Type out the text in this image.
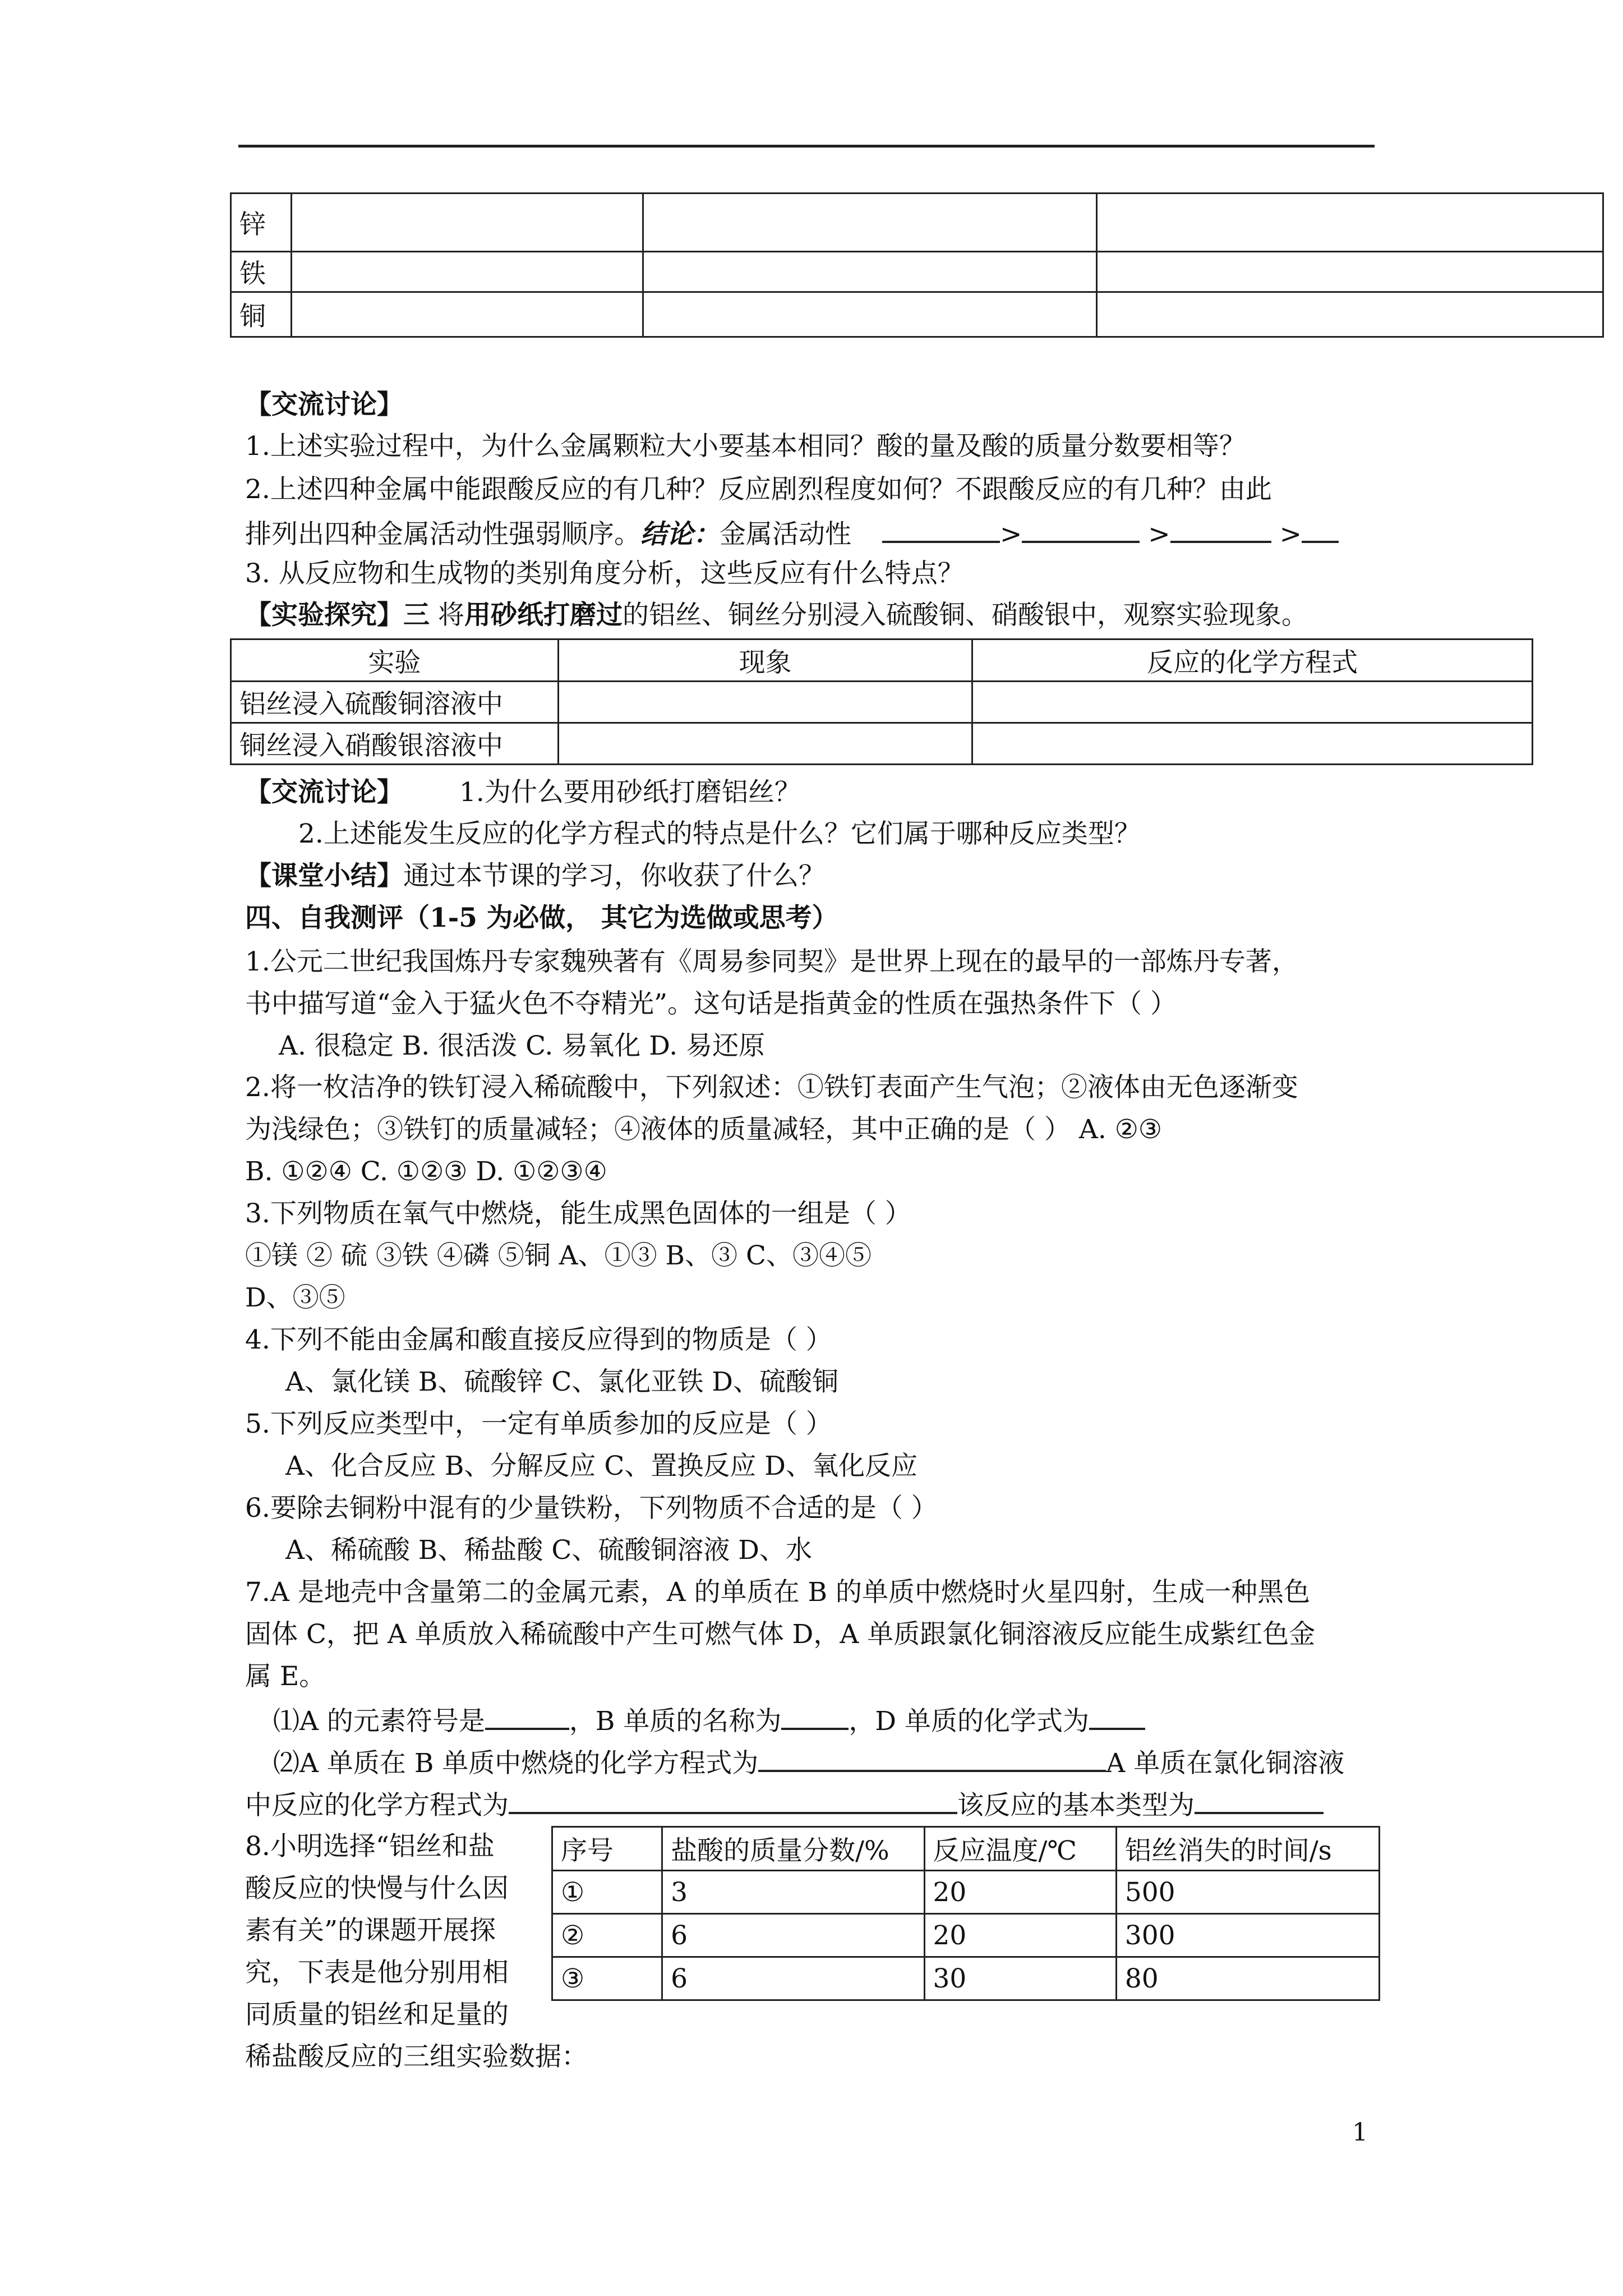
锌			
铁			
铜			
【交流讨论】
1.上述实验过程中，为什么金属颗粒大小要基本相同？酸的量及酸的质量分数要相等？
2.上述四种金属中能跟酸反应的有几种？反应剧烈程度如何？不跟酸反应的有几种？由此
排列出四种金属活动性强弱顺序。结论：金属活动性	>	>	>
3. 从反应物和生成物的类别角度分析，这些反应有什么特点？
【实验探究】三 将用砂纸打磨过的铝丝、铜丝分别浸入硫酸铜、硝酸银中，观察实验现象。
实验	现象	反应的化学方程式
铝丝浸入硫酸铜溶液中		
铜丝浸入硝酸银溶液中		
【交流讨论】 1.为什么要用砂纸打磨铝丝？
2.上述能发生反应的化学方程式的特点是什么？它们属于哪种反应类型？
【课堂小结】通过本节课的学习，你收获了什么？
四、自我测评（1-5 为必做， 其它为选做或思考）
1.公元二世纪我国炼丹专家魏殃著有《周易参同契》是世界上现在的最早的一部炼丹专著，
书中描写道“金入于猛火色不夺精光”。这句话是指黄金的性质在强热条件下（ ）
A. 很稳定 B. 很活泼 C. 易氧化 D. 易还原
2.将一枚洁净的铁钉浸入稀硫酸中，下列叙述：①铁钉表面产生气泡；②液体由无色逐渐变
为浅绿色；③铁钉的质量减轻；④液体的质量减轻，其中正确的是（ ） A. ②③
B. ①②④ C. ①②③ D. ①②③④
3.下列物质在氧气中燃烧，能生成黑色固体的一组是（ ）
①镁 ② 硫 ③铁 ④磷 ⑤铜 A、①③ B、③ C、③④⑤
D、③⑤
4.下列不能由金属和酸直接反应得到的物质是（ ）
A、氯化镁 B、硫酸锌 C、氯化亚铁 D、硫酸铜
5.下列反应类型中，一定有单质参加的反应是（ ）
A、化合反应 B、分解反应 C、置换反应 D、氧化反应
6.要除去铜粉中混有的少量铁粉，下列物质不合适的是（ ）
A、稀硫酸 B、稀盐酸 C、硫酸铜溶液 D、水
7.A 是地壳中含量第二的金属元素，A 的单质在 B 的单质中燃烧时火星四射，生成一种黑色
固体 C，把 A 单质放入稀硫酸中产生可燃气体 D，A 单质跟氯化铜溶液反应能生成紫红色金
属 E。
⑴A 的元素符号是	，B 单质的名称为	，D 单质的化学式为
⑵A 单质在 B 单质中燃烧的化学方程式为	A 单质在氯化铜溶液
中反应的化学方程式为	该反应的基本类型为
8.小明选择“铝丝和盐
酸反应的快慢与什么因
素有关”的课题开展探
究，下表是他分别用相
同质量的铝丝和足量的
稀盐酸反应的三组实验数据：
序号	盐酸的质量分数/%	反应温度/℃	铝丝消失的时间/s
①	3	20	500
②	6	20	300
③	6	30	80
1
